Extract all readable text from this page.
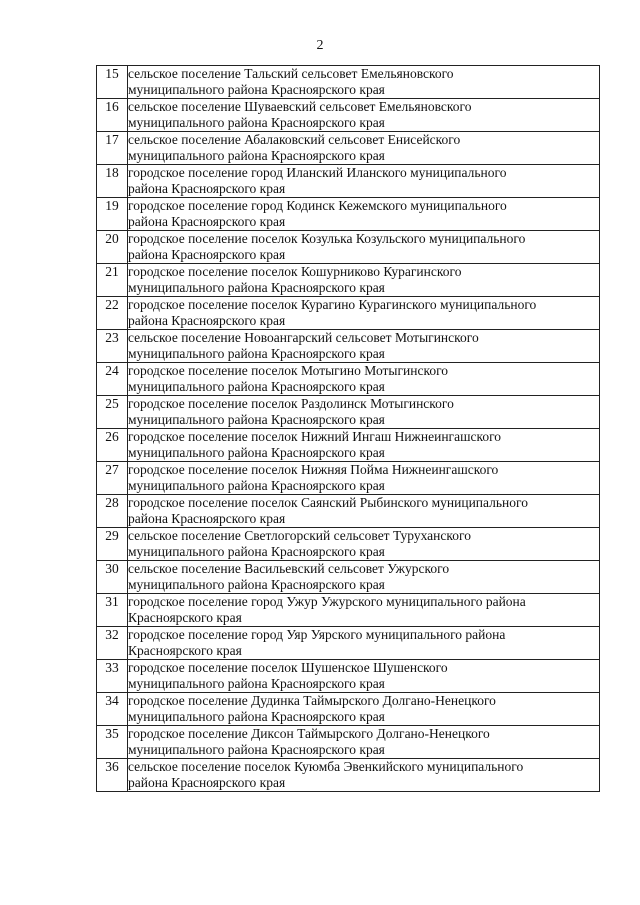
2
15	сельское поселение Тальский сельсовет Емельяновского
муниципального района Красноярского края

16	сельское поселение Шуваевский сельсовет Емельяновского
муниципального района Красноярского края

17	сельское поселение Абалаковский сельсовет Енисейского
муниципального района Красноярского края

18	городское поселение город Иланский Иланского муниципального
района Красноярского края

19	городское поселение город Кодинск Кежемского муниципального
района Красноярского края

20	городское поселение поселок Козулька Козульского муниципального
района Красноярского края

21	городское поселение поселок Кошурниково Курагинского
муниципального района Красноярского края

22	городское поселение поселок Курагино Курагинского муниципального
района Красноярского края

23	сельское поселение Новоангарский сельсовет Мотыгинского
муниципального района Красноярского края

24	городское поселение поселок Мотыгино Мотыгинского
муниципального района Красноярского края

25	городское поселение поселок Раздолинск Мотыгинского
муниципального района Красноярского края

26	городское поселение поселок Нижний Ингаш Нижнеингашского
муниципального района Красноярского края

27	городское поселение поселок Нижняя Пойма Нижнеингашского
муниципального района Красноярского края

28	городское поселение поселок Саянский Рыбинского муниципального
района Красноярского края

29	сельское поселение Светлогорский сельсовет Туруханского
муниципального района Красноярского края

30	сельское поселение Васильевский сельсовет Ужурского
муниципального района Красноярского края

31	городское поселение город Ужур Ужурского муниципального района
Красноярского края

32	городское поселение город Уяр Уярского муниципального района
Красноярского края

33	городское поселение поселок Шушенское Шушенского
муниципального района Красноярского края

34	городское поселение Дудинка Таймырского Долгано-Ненецкого
муниципального района Красноярского края

35	городское поселение Диксон Таймырского Долгано-Ненецкого
муниципального района Красноярского края

36	сельское поселение поселок Куюмба Эвенкийского муниципального
района Красноярского края
